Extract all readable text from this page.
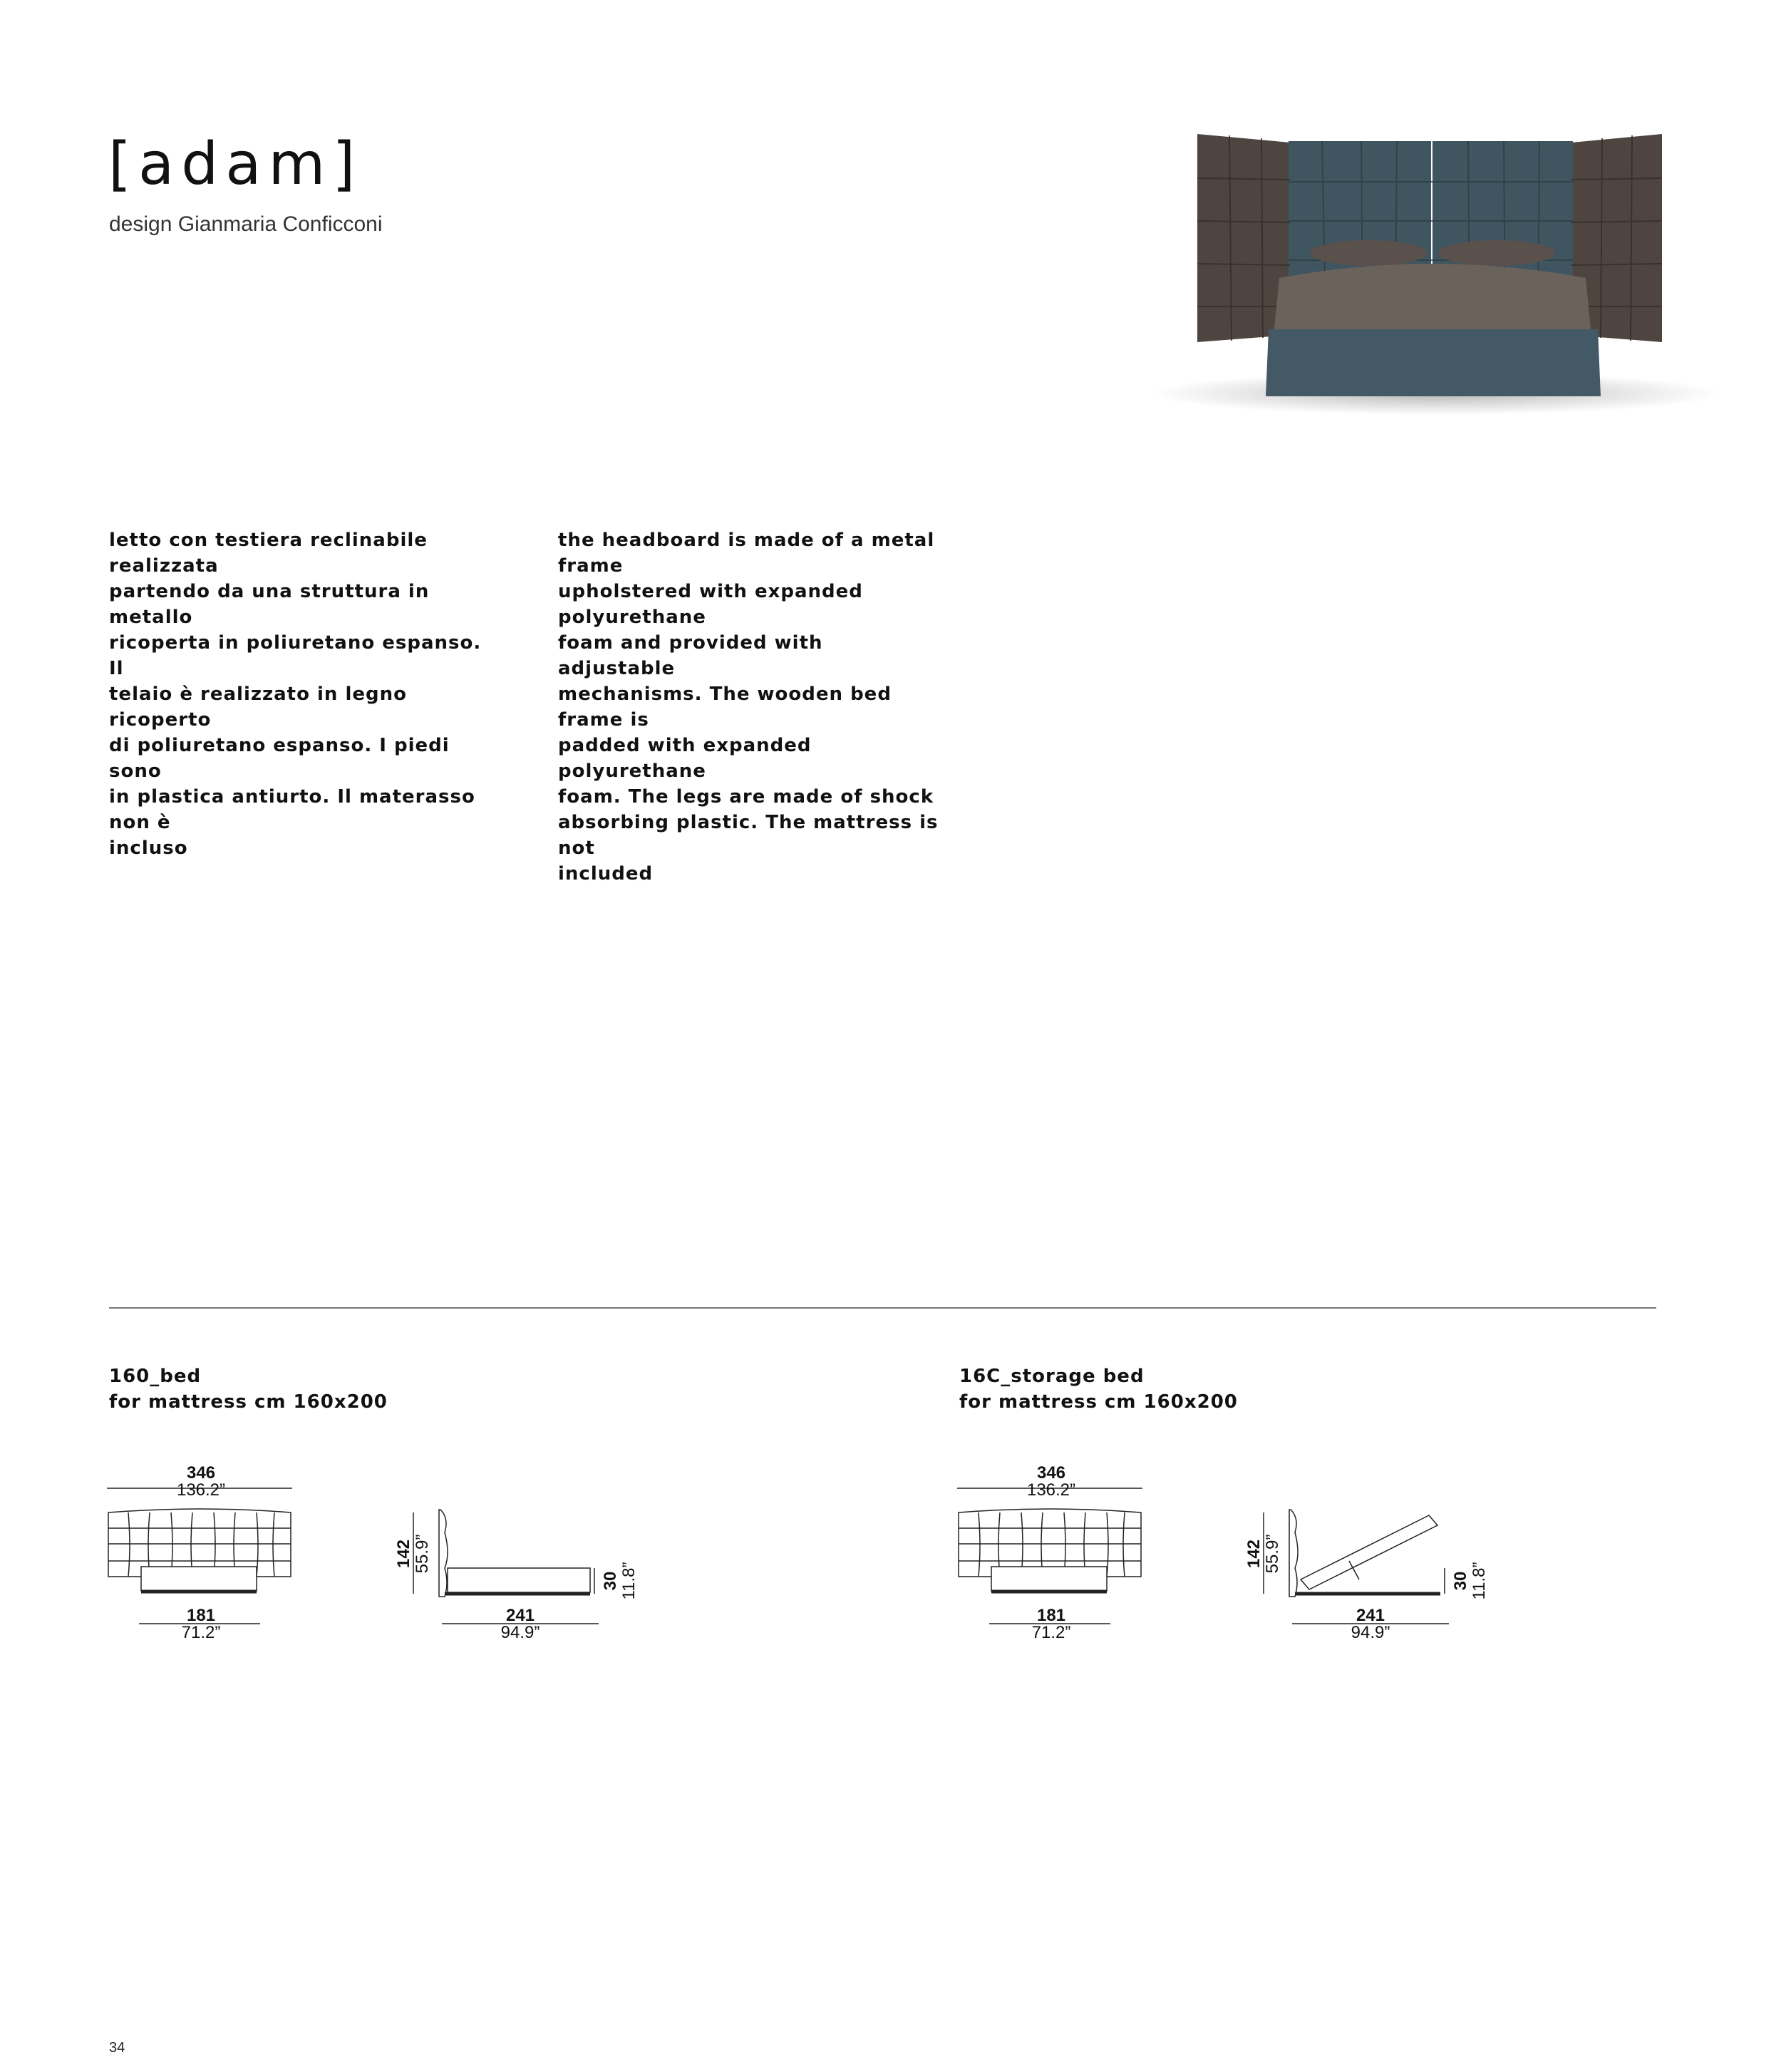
[adam]

design Gianmaria Conficconi

letto con testiera reclinabile realizzata
partendo da una struttura in metallo
ricoperta in poliuretano espanso. Il
telaio è realizzato in legno ricoperto
di poliuretano espanso. I piedi sono
in plastica antiurto. Il materasso non è
incluso

the headboard is made of a metal frame
upholstered with expanded polyurethane
foam and provided with adjustable
mechanisms. The wooden bed frame is
padded with expanded polyurethane
foam. The legs are made of shock
absorbing plastic. The mattress is not
included

160_bed
for mattress cm 160x200
16C_storage bed
for mattress cm 160x200
346
136.2”
181
71.2”
142 55.9”
30 11.8”
241
94.9”
346
136.2”
181
71.2”
142 55.9”
30 11.8”
241
94.9”

34
